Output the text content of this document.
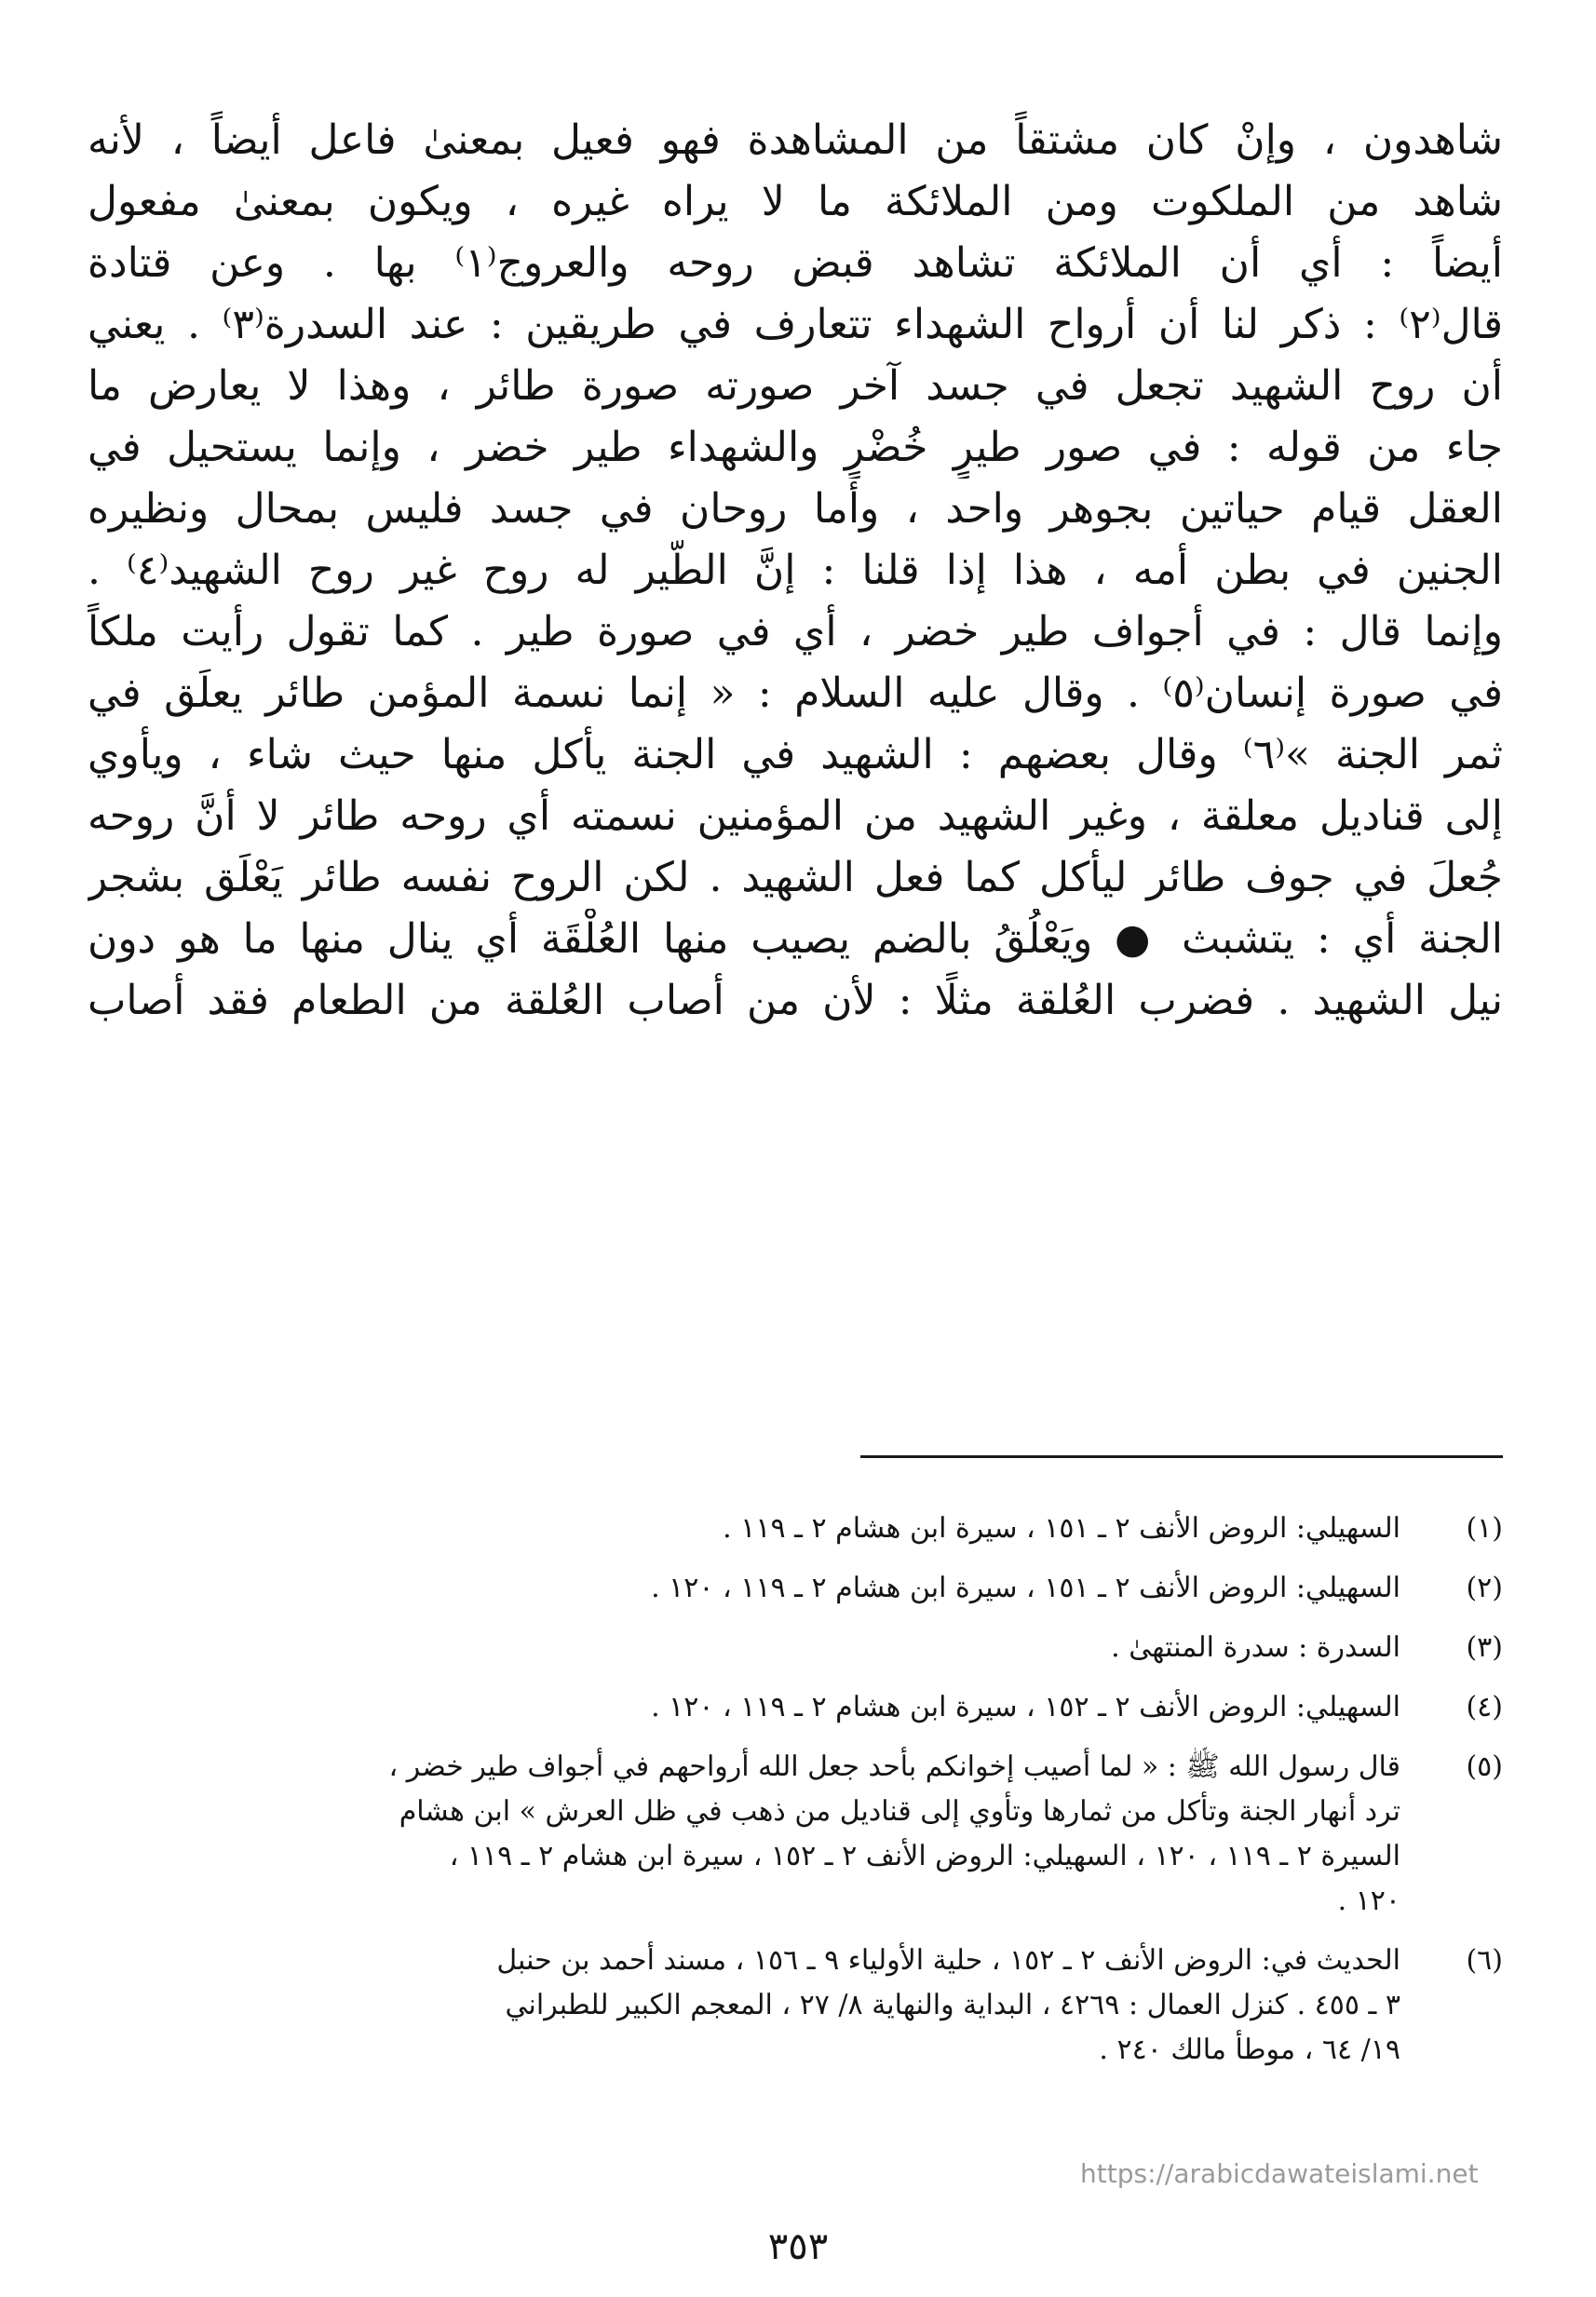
شاهدون ، وإنْ كان مشتقاً من المشاهدة فهو فعيل بمعنىٰ فاعل أيضاً ، لأنه
شاهد من الملكوت ومن الملائكة ما لا يراه غيره ، ويكون بمعنىٰ مفعول
أيضاً : أي أن الملائكة تشاهد قبض روحه والعروج⁽١⁾ بها . وعن قتادة
قال⁽٢⁾ : ذكر لنا أن أرواح الشهداء تتعارف في طريقين : عند السدرة⁽٣⁾ . يعني
أن روح الشهيد تجعل في جسد آخر صورته صورة طائر ، وهذا لا يعارض ما
جاء من قوله : في صور طيرٍ خُضْرٍ والشهداء طير خضر ، وإنما يستحيل في
العقل قيام حياتين بجوهر واحد ، وأما روحان في جسد فليس بمحال ونظيره
الجنين في بطن أمه ، هذا إذا قلنا : إنَّ الطَّير له روح غير روح الشهيد⁽٤⁾ .
وإنما قال : في أجواف طير خضر ، أي في صورة طير . كما تقول رأيت ملكاً
في صورة إنسان⁽٥⁾ . وقال عليه السلام : « إنما نسمة المؤمن طائر يعلَق في
ثمر الجنة »⁽٦⁾ وقال بعضهم : الشهيد في الجنة يأكل منها حيث شاء ، ويأوي
إلى قناديل معلقة ، وغير الشهيد من المؤمنين نسمته أي روحه طائر لا أنَّ روحه
جُعلَ في جوف طائر ليأكل كما فعل الشهيد . لكن الروح نفسه طائر يَعْلَق بشجر
الجنة أي : يتشبث ● ويَعْلُقُ بالضم يصيب منها العُلْقَة أي ينال منها ما هو دون
نيل الشهيد . فضرب العُلقة مثلًا : لأن من أصاب العُلقة من الطعام فقد أصاب
(١)
السهيلي: الروض الأنف ٢ ـ ١٥١ ، سيرة ابن هشام ٢ ـ ١١٩ .
(٢)
السهيلي: الروض الأنف ٢ ـ ١٥١ ، سيرة ابن هشام ٢ ـ ١١٩ ، ١٢٠ .
(٣)
السدرة : سدرة المنتهىٰ .
(٤)
السهيلي: الروض الأنف ٢ ـ ١٥٢ ، سيرة ابن هشام ٢ ـ ١١٩ ، ١٢٠ .
(٥)
قال رسول الله ﷺ : « لما أصيب إخوانكم بأحد جعل الله أرواحهم في أجواف طير خضر ،
ترد أنهار الجنة وتأكل من ثمارها وتأوي إلى قناديل من ذهب في ظل العرش » ابن هشام
السيرة ٢ ـ ١١٩ ، ١٢٠ ، السهيلي: الروض الأنف ٢ ـ ١٥٢ ، سيرة ابن هشام ٢ ـ ١١٩ ،
١٢٠ .
(٦)
الحديث في: الروض الأنف ٢ ـ ١٥٢ ، حلية الأولياء ٩ ـ ١٥٦ ، مسند أحمد بن حنبل
٣ ـ ٤٥٥ . كنزل العمال : ٤٢٦٩ ، البداية والنهاية ٨/ ٢٧ ، المعجم الكبير للطبراني
١٩/ ٦٤ ، موطأ مالك ٢٤٠ .
https://arabicdawateislami.net
٣٥٣
